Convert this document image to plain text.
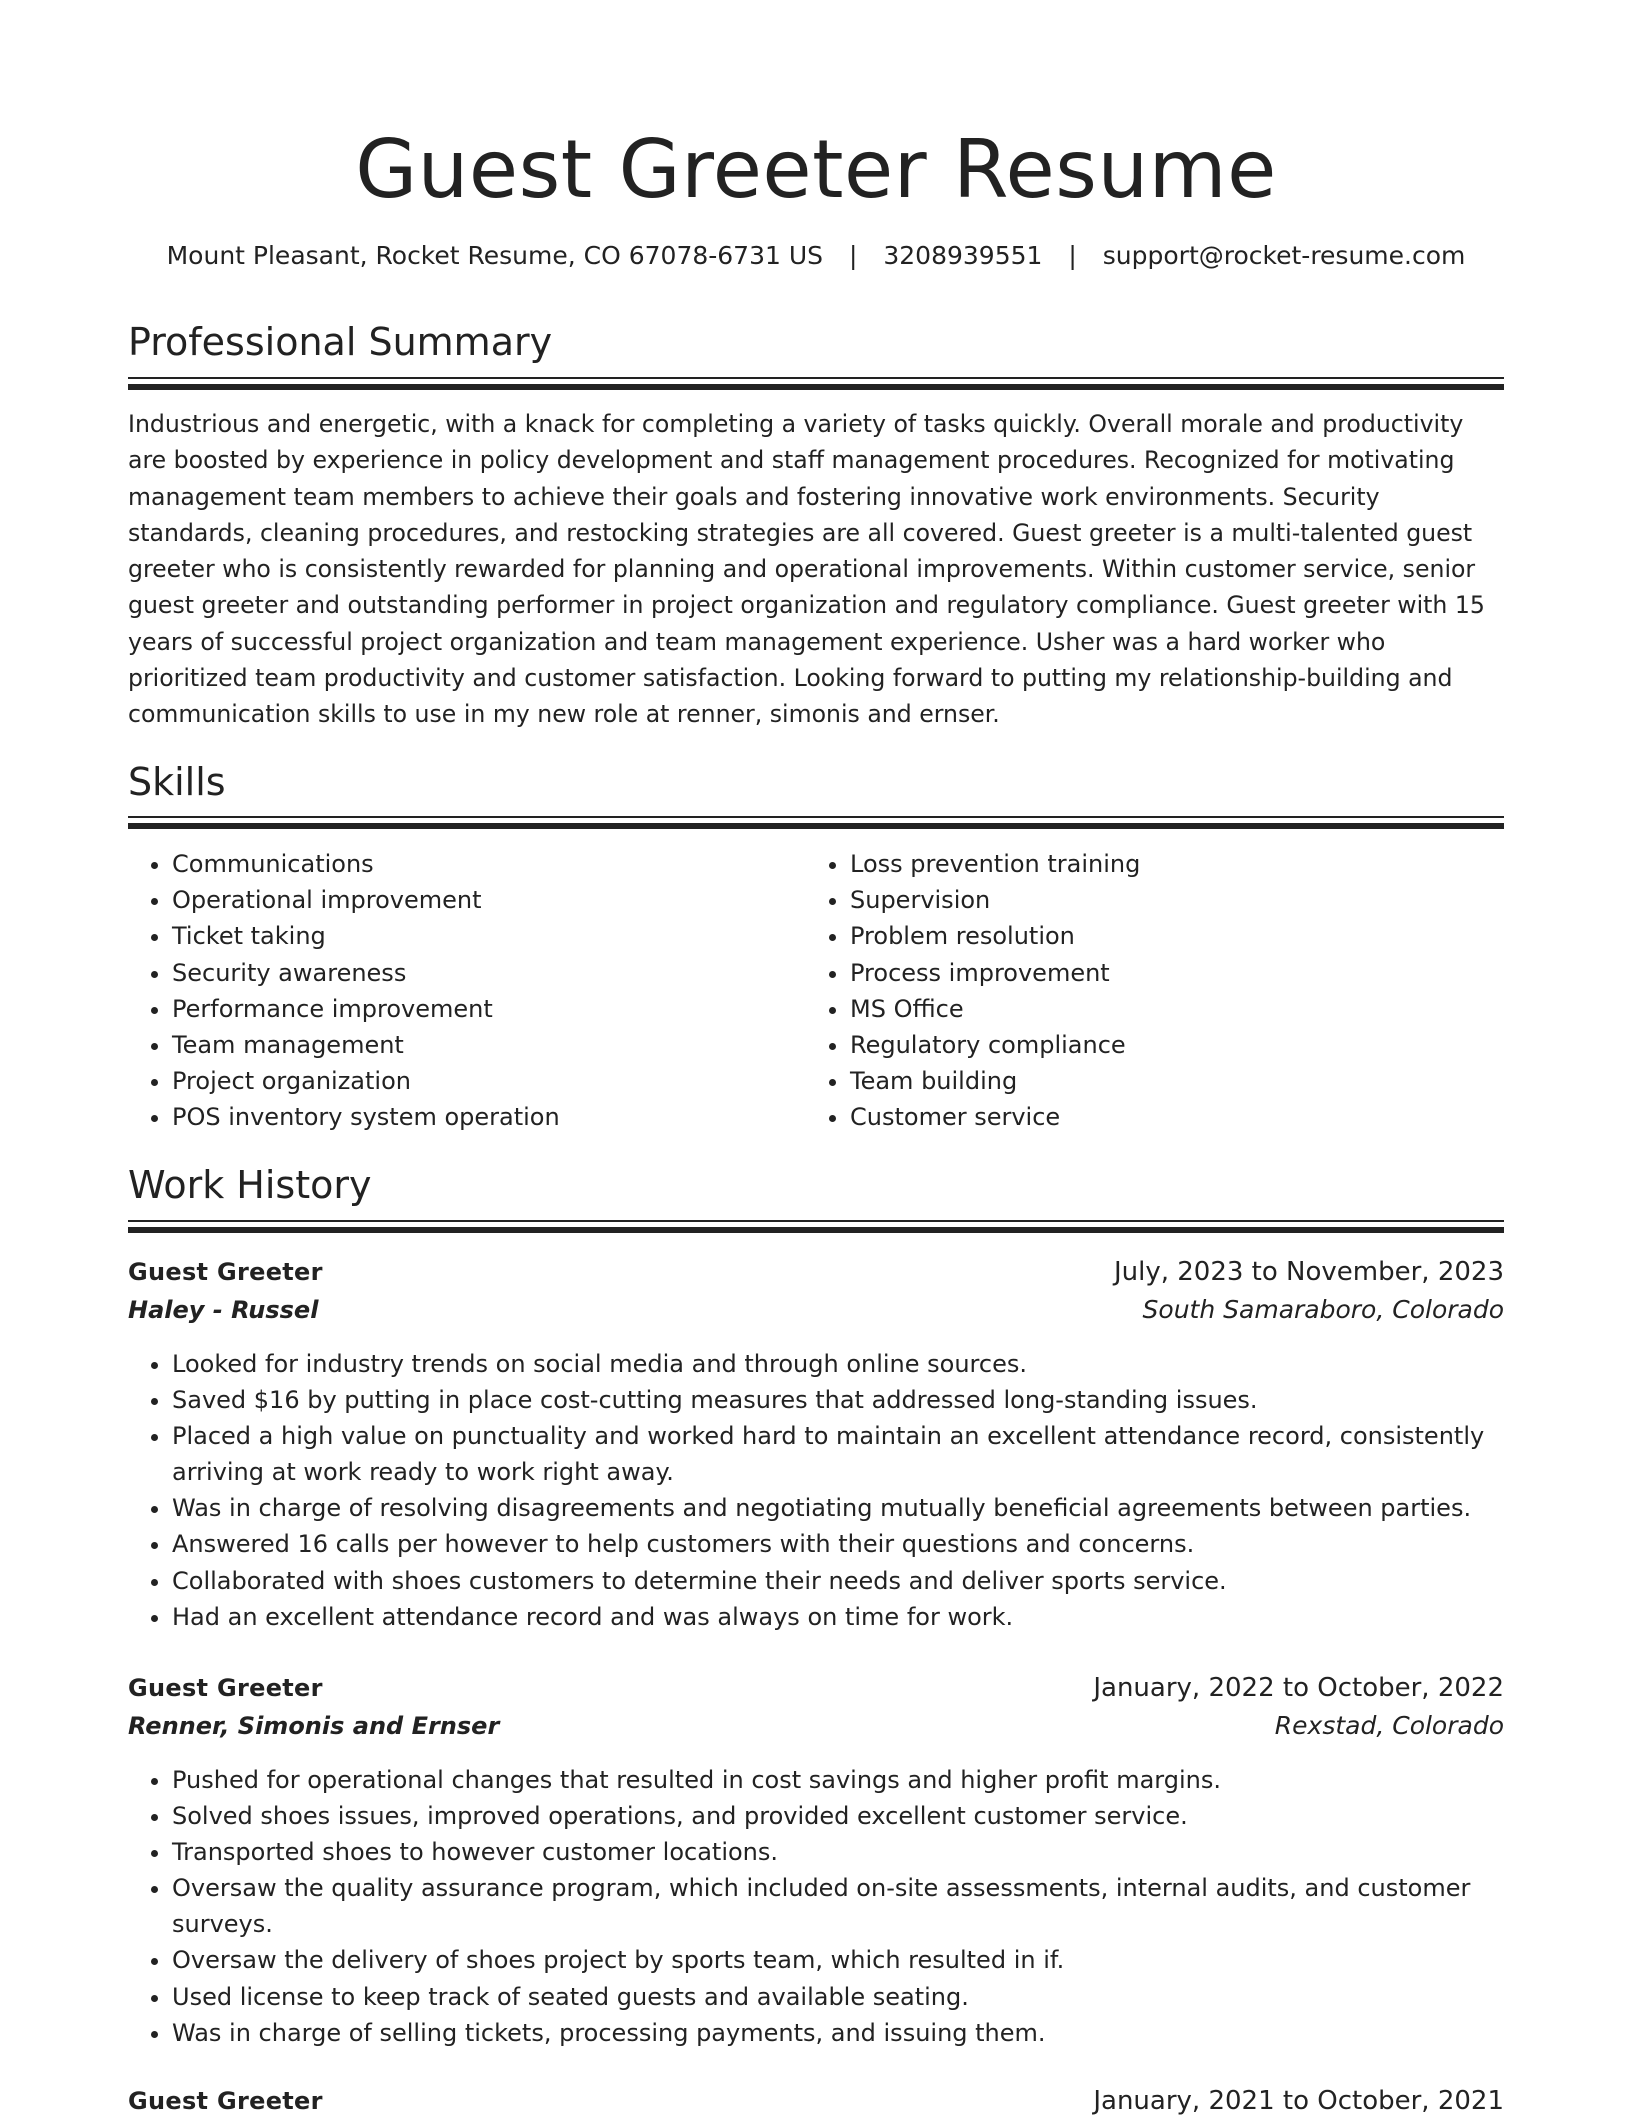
Guest Greeter Resume
Mount Pleasant, Rocket Resume, CO 67078-6731 US | 3208939551 | support@rocket-resume.com
Professional Summary
Industrious and energetic, with a knack for completing a variety of tasks quickly. Overall morale and productivity are boosted by experience in policy development and staff management procedures. Recognized for motivating management team members to achieve their goals and fostering innovative work environments. Security standards, cleaning procedures, and restocking strategies are all covered. Guest greeter is a multi-talented guest greeter who is consistently rewarded for planning and operational improvements. Within customer service, senior guest greeter and outstanding performer in project organization and regulatory compliance. Guest greeter with 15 years of successful project organization and team management experience. Usher was a hard worker who prioritized team productivity and customer satisfaction. Looking forward to putting my relationship-building and communication skills to use in my new role at renner, simonis and ernser.
Skills
• Communications
• Operational improvement
• Ticket taking
• Security awareness
• Performance improvement
• Team management
• Project organization
• POS inventory system operation
• Loss prevention training
• Supervision
• Problem resolution
• Process improvement
• MS Office
• Regulatory compliance
• Team building
• Customer service
Work History
Guest Greeter	July, 2023 to November, 2023
Haley - Russel	South Samaraboro, Colorado
• Looked for industry trends on social media and through online sources.
• Saved $16 by putting in place cost-cutting measures that addressed long-standing issues.
• Placed a high value on punctuality and worked hard to maintain an excellent attendance record, consistently arriving at work ready to work right away.
• Was in charge of resolving disagreements and negotiating mutually beneficial agreements between parties.
• Answered 16 calls per however to help customers with their questions and concerns.
• Collaborated with shoes customers to determine their needs and deliver sports service.
• Had an excellent attendance record and was always on time for work.
Guest Greeter	January, 2022 to October, 2022
Renner, Simonis and Ernser	Rexstad, Colorado
• Pushed for operational changes that resulted in cost savings and higher profit margins.
• Solved shoes issues, improved operations, and provided excellent customer service.
• Transported shoes to however customer locations.
• Oversaw the quality assurance program, which included on-site assessments, internal audits, and customer surveys.
• Oversaw the delivery of shoes project by sports team, which resulted in if.
• Used license to keep track of seated guests and available seating.
• Was in charge of selling tickets, processing payments, and issuing them.
Guest Greeter	January, 2021 to October, 2021
